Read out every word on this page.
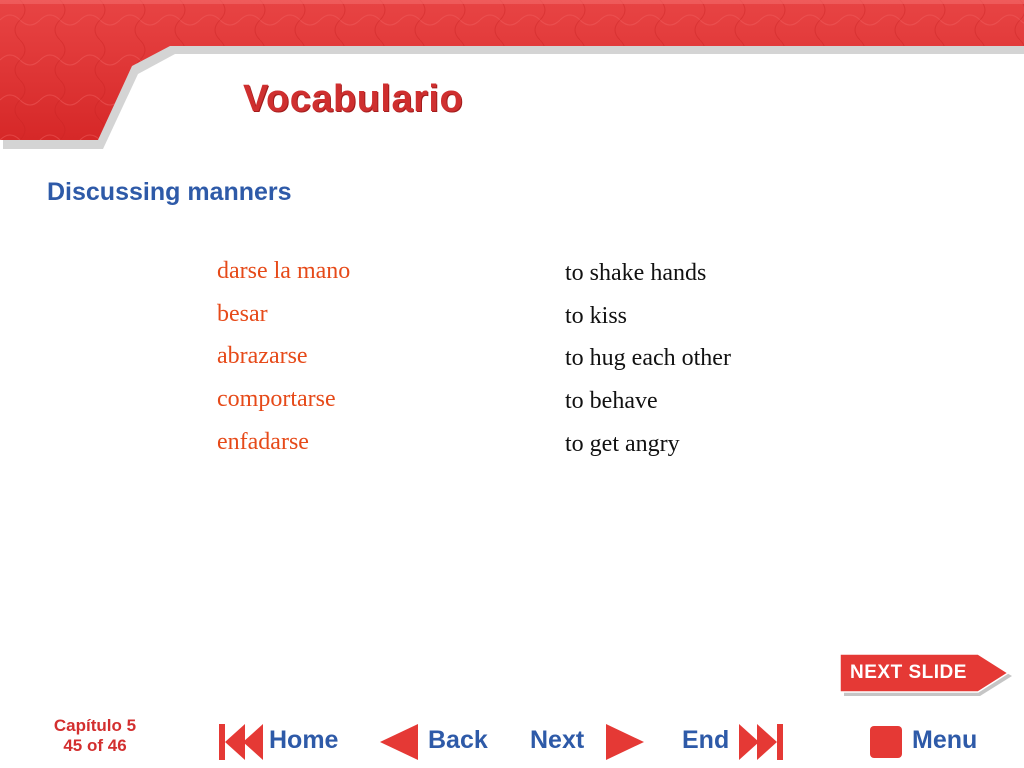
Vocabulario
Discussing manners
darse la mano	to shake hands
besar	to kiss
abrazarse	to hug each other
comportarse	to behave
enfadarse	to get angry
NEXT SLIDE
Capítulo 5
45 of 46	Home	Back Next	End	Menu
